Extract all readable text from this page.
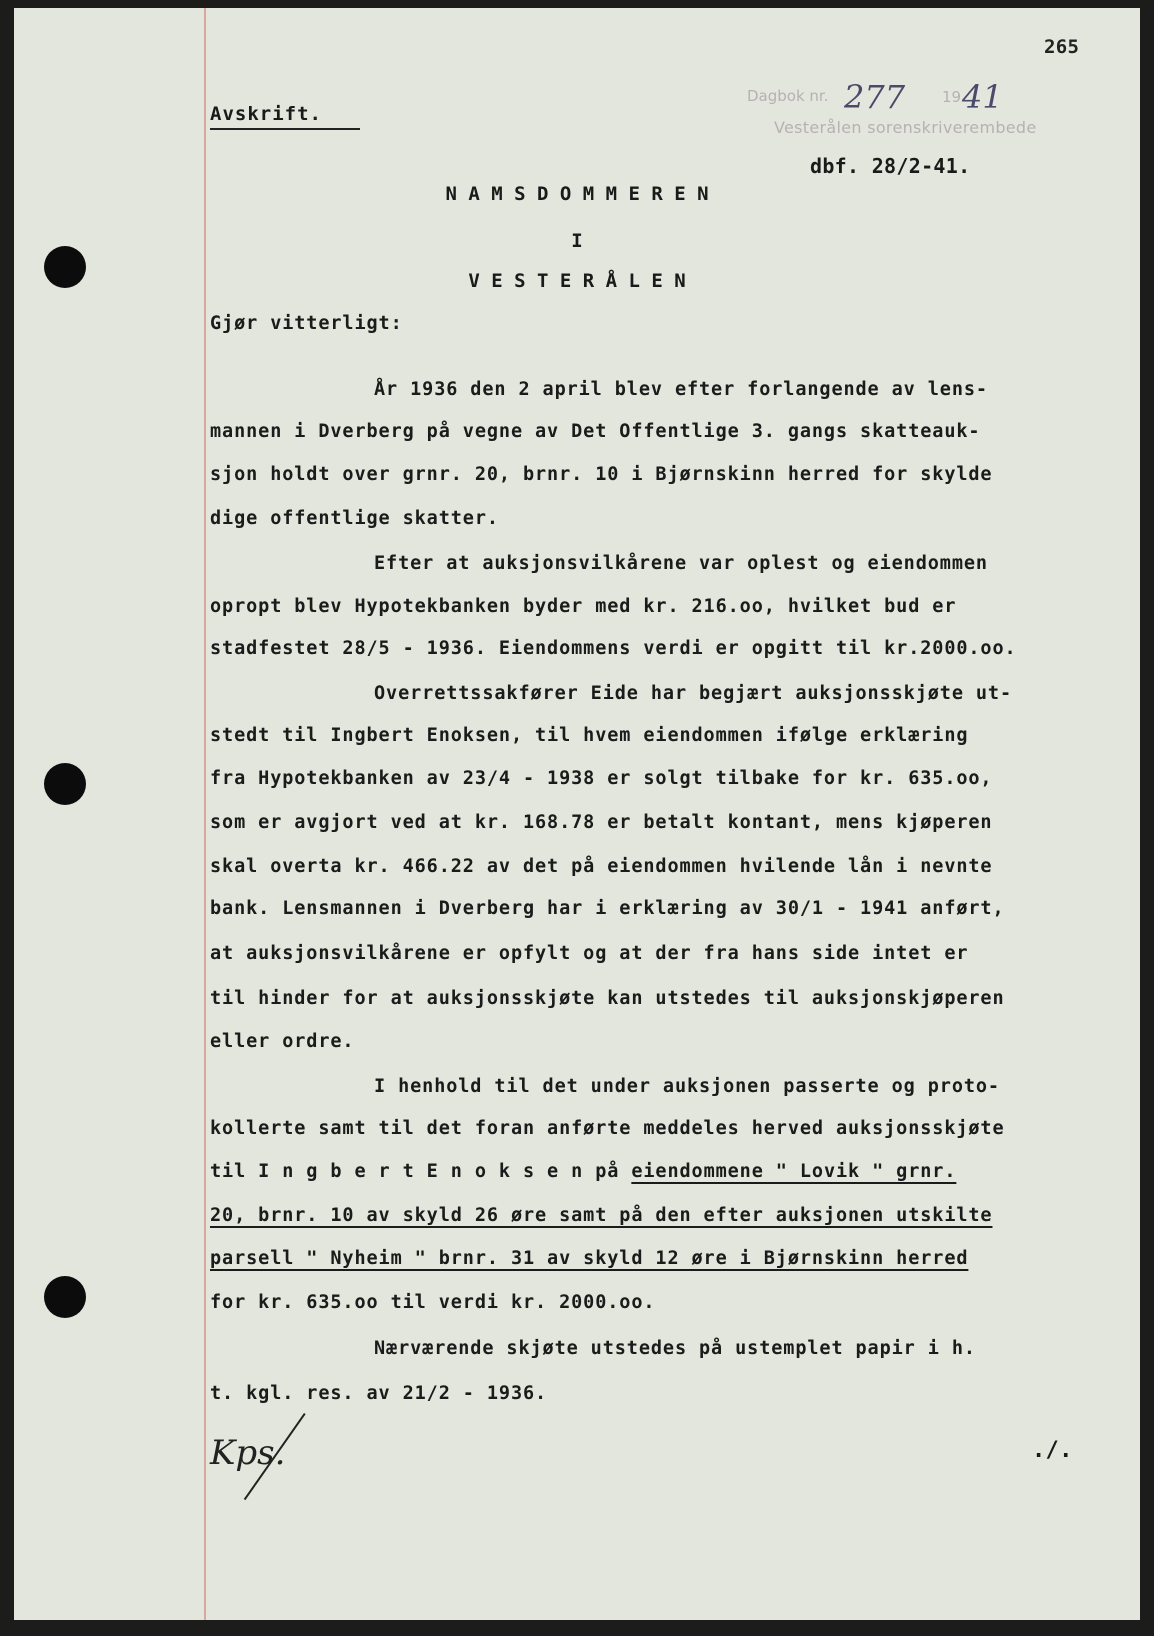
265
Avskrift.
Dagbok nr. 277 19 41
Vesterålen sorenskriverembede
dbf. 28/2-41.
N A M S D O M M E R E N
I
V E S T E R Å L E N
Gjør vitterligt:
År 1936 den 2 april blev efter forlangende av lens-
mannen i Dverberg på vegne av Det Offentlige 3. gangs skatteauk-
sjon holdt over grnr. 20, brnr. 10 i Bjørnskinn herred for skylde
dige offentlige skatter.
Efter at auksjonsvilkårene var oplest og eiendommen
opropt blev Hypotekbanken byder med kr. 216.oo, hvilket bud er
stadfestet 28/5 - 1936. Eiendommens verdi er opgitt til kr.2000.oo.
Overrettssakfører Eide har begjært auksjonsskjøte ut-
stedt til Ingbert Enoksen, til hvem eiendommen ifølge erklæring
fra Hypotekbanken av 23/4 - 1938 er solgt tilbake for kr. 635.oo,
som er avgjort ved at kr. 168.78 er betalt kontant, mens kjøperen
skal overta kr. 466.22 av det på eiendommen hvilende lån i nevnte
bank. Lensmannen i Dverberg har i erklæring av 30/1 - 1941 anført,
at auksjonsvilkårene er opfylt og at der fra hans side intet er
til hinder for at auksjonsskjøte kan utstedes til auksjonskjøperen
eller ordre.
I henhold til det under auksjonen passerte og proto-
kollerte samt til det foran anførte meddeles herved auksjonsskjøte
til I n g b e r t E n o k s e n på eiendommene " Lovik " grnr.
20, brnr. 10 av skyld 26 øre samt på den efter auksjonen utskilte
parsell " Nyheim " brnr. 31 av skyld 12 øre i Bjørnskinn herred
for kr. 635.oo til verdi kr. 2000.oo.
Nærværende skjøte utstedes på ustemplet papir i h.
t. kgl. res. av 21/2 - 1936.
Kps.	./.
